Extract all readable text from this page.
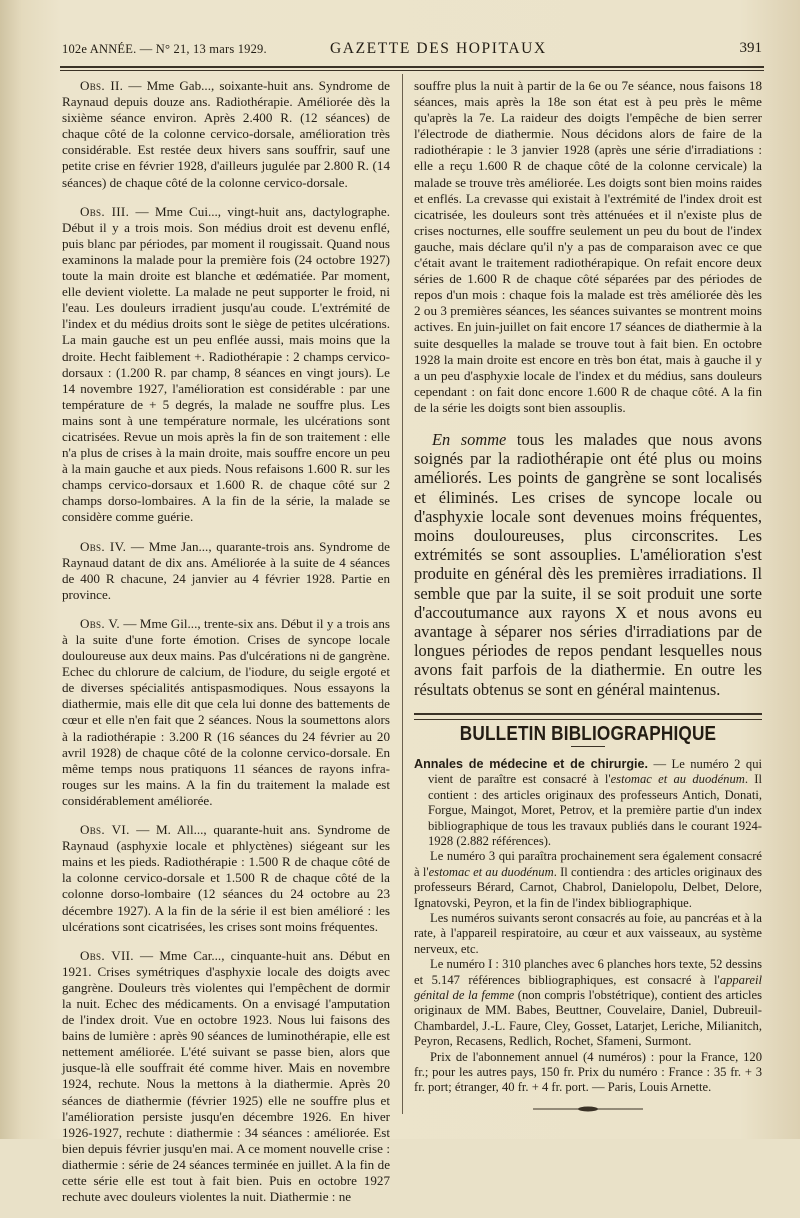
102e ANNÉE. — N° 21, 13 mars 1929.	GAZETTE DES HOPITAUX	391

Obs. II. — Mme Gab..., soixante-huit ans. Syndrome de Raynaud depuis douze ans. Radiothérapie. Améliorée dès la sixième séance environ. Après 2.400 R. (12 séances) de chaque côté de la colonne cervico-dorsale, amélioration très considérable. Est restée deux hivers sans souffrir, sauf une petite crise en février 1928, d'ailleurs jugulée par 2.800 R. (14 séances) de chaque côté de la colonne cervico-dorsale.

Obs. III. — Mme Cui..., vingt-huit ans, dactylographe. Début il y a trois mois. Son médius droit est devenu enflé, puis blanc par périodes, par moment il rougissait. Quand nous examinons la malade pour la première fois (24 octobre 1927) toute la main droite est blanche et œdématiée. Par moment, elle devient violette. La malade ne peut supporter le froid, ni l'eau. Les douleurs irradient jusqu'au coude. L'extrémité de l'index et du médius droits sont le siège de petites ulcérations. La main gauche est un peu enflée aussi, mais moins que la droite. Hecht faiblement +. Radiothérapie : 2 champs cervico-dorsaux : (1.200 R. par champ, 8 séances en vingt jours). Le 14 novembre 1927, l'amélioration est considérable : par une température de + 5 degrés, la malade ne souffre plus. Les mains sont à une température normale, les ulcérations sont cicatrisées. Revue un mois après la fin de son traitement : elle n'a plus de crises à la main droite, mais souffre encore un peu à la main gauche et aux pieds. Nous refaisons 1.600 R. sur les champs cervico-dorsaux et 1.600 R. de chaque côté sur 2 champs dorso-lombaires. A la fin de la série, la malade se considère comme guérie.

Obs. IV. — Mme Jan..., quarante-trois ans. Syndrome de Raynaud datant de dix ans. Améliorée à la suite de 4 séances de 400 R chacune, 24 janvier au 4 février 1928. Partie en province.

Obs. V. — Mme Gil..., trente-six ans. Début il y a trois ans à la suite d'une forte émotion. Crises de syncope locale douloureuse aux deux mains. Pas d'ulcérations ni de gangrène. Echec du chlorure de calcium, de l'iodure, du seigle ergoté et de diverses spécialités antispasmodiques. Nous essayons la diathermie, mais elle dit que cela lui donne des battements de cœur et elle n'en fait que 2 séances. Nous la soumettons alors à la radiothérapie : 3.200 R (16 séances du 24 février au 20 avril 1928) de chaque côté de la colonne cervico-dorsale. En même temps nous pratiquons 11 séances de rayons infra-rouges sur les mains. A la fin du traitement la malade est considérablement améliorée.

Obs. VI. — M. All..., quarante-huit ans. Syndrome de Raynaud (asphyxie locale et phlyctènes) siégeant sur les mains et les pieds. Radiothérapie : 1.500 R de chaque côté de la colonne cervico-dorsale et 1.500 R de chaque côté de la colonne dorso-lombaire (12 séances du 24 octobre au 23 décembre 1927). A la fin de la série il est bien amélioré : les ulcérations sont cicatrisées, les crises sont moins fréquentes.

Obs. VII. — Mme Car..., cinquante-huit ans. Début en 1921. Crises symétriques d'asphyxie locale des doigts avec gangrène. Douleurs très violentes qui l'empêchent de dormir la nuit. Echec des médicaments. On a envisagé l'amputation de l'index droit. Vue en octobre 1923. Nous lui faisons des bains de lumière : après 90 séances de luminothérapie, elle est nettement améliorée. L'été suivant se passe bien, alors que jusque-là elle souffrait été comme hiver. Mais en novembre 1924, rechute. Nous la mettons à la diathermie. Après 20 séances de diathermie (février 1925) elle ne souffre plus et l'amélioration persiste jusqu'en décembre 1926. En hiver 1926-1927, rechute : diathermie : 34 séances : améliorée. Est bien depuis février jusqu'en mai. A ce moment nouvelle crise : diathermie : série de 24 séances terminée en juillet. A la fin de cette série elle est tout à fait bien. Puis en octobre 1927 rechute avec douleurs violentes la nuit. Diathermie : ne

souffre plus la nuit à partir de la 6e ou 7e séance, nous faisons 18 séances, mais après la 18e son état est à peu près le même qu'après la 7e. La raideur des doigts l'empêche de bien serrer l'électrode de diathermie. Nous décidons alors de faire de la radiothérapie : le 3 janvier 1928 (après une série d'irradiations : elle a reçu 1.600 R de chaque côté de la colonne cervicale) la malade se trouve très améliorée. Les doigts sont bien moins raides et enflés. La crevasse qui existait à l'extrémité de l'index droit est cicatrisée, les douleurs sont très atténuées et il n'existe plus de crises nocturnes, elle souffre seulement un peu du bout de l'index gauche, mais déclare qu'il n'y a pas de comparaison avec ce que c'était avant le traitement radiothérapique. On refait encore deux séries de 1.600 R de chaque côté séparées par des périodes de repos d'un mois : chaque fois la malade est très améliorée dès les 2 ou 3 premières séances, les séances suivantes se montrent moins actives. En juin-juillet on fait encore 17 séances de diathermie à la suite desquelles la malade se trouve tout à fait bien. En octobre 1928 la main droite est encore en très bon état, mais à gauche il y a un peu d'asphyxie locale de l'index et du médius, sans douleurs cependant : on fait donc encore 1.600 R de chaque côté. A la fin de la série les doigts sont bien assouplis.

En somme tous les malades que nous avons soignés par la radiothérapie ont été plus ou moins améliorés. Les points de gangrène se sont localisés et éliminés. Les crises de syncope locale ou d'asphyxie locale sont devenues moins fréquentes, moins douloureuses, plus circonscrites. Les extrémités se sont assouplies. L'amélioration s'est produite en général dès les premières irradiations. Il semble que par la suite, il se soit produit une sorte d'accoutumance aux rayons X et nous avons eu avantage à séparer nos séries d'irradiations par de longues périodes de repos pendant lesquelles nous avons fait parfois de la diathermie. En outre les résultats obtenus se sont en général maintenus.

BULLETIN BIBLIOGRAPHIQUE

Annales de médecine et de chirurgie. — Le numéro 2 qui vient de paraître est consacré à l'estomac et au duodénum. Il contient : des articles originaux des professeurs Antich, Donati, Forgue, Maingot, Moret, Petrov, et la première partie d'un index bibliographique de tous les travaux publiés dans le courant 1924-1928 (2.882 références).

Le numéro 3 qui paraîtra prochainement sera également consacré à l'estomac et au duodénum. Il contiendra : des articles originaux des professeurs Bérard, Carnot, Chabrol, Danielopolu, Delbet, Delore, Ignatovski, Peyron, et la fin de l'index bibliographique.

Les numéros suivants seront consacrés au foie, au pancréas et à la rate, à l'appareil respiratoire, au cœur et aux vaisseaux, au système nerveux, etc.

Le numéro I : 310 planches avec 6 planches hors texte, 52 dessins et 5.147 références bibliographiques, est consacré à l'appareil génital de la femme (non compris l'obstétrique), contient des articles originaux de MM. Babes, Beuttner, Couvelaire, Daniel, Dubreuil-Chambardel, J.-L. Faure, Cley, Gosset, Latarjet, Leriche, Milianitch, Peyron, Recasens, Redlich, Rochet, Sfameni, Surmont.

Prix de l'abonnement annuel (4 numéros) : pour la France, 120 fr.; pour les autres pays, 150 fr. Prix du numéro : France : 35 fr. + 3 fr. port; étranger, 40 fr. + 4 fr. port. — Paris, Louis Arnette.
